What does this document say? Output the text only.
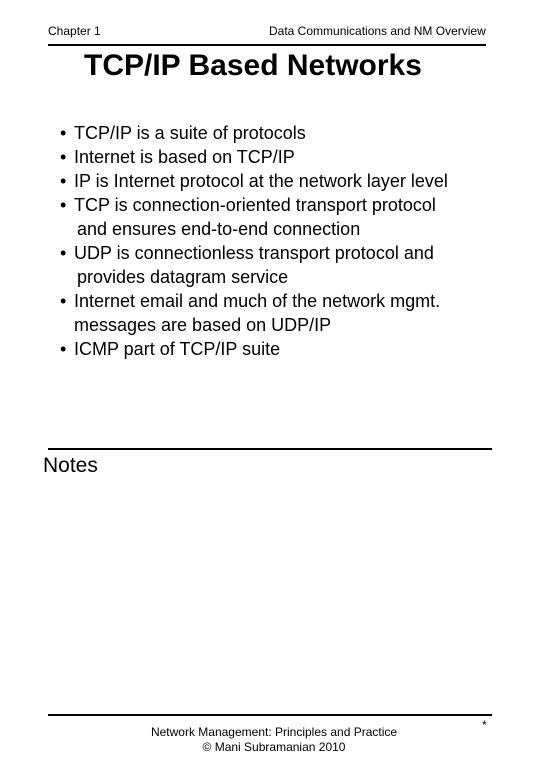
Chapter 1	Data Communications and NM Overview
TCP/IP Based Networks
• TCP/IP is a suite of protocols
• Internet is based on TCP/IP
• IP is Internet protocol at the network layer level
• TCP is connection-oriented transport protocol
and ensures end-to-end connection
• UDP is connectionless transport protocol and
provides datagram service
• Internet email and much of the network mgmt.
messages are based on UDP/IP
• ICMP part of TCP/IP suite
Notes
Network Management: Principles and Practice
© Mani Subramanian 2010
*
